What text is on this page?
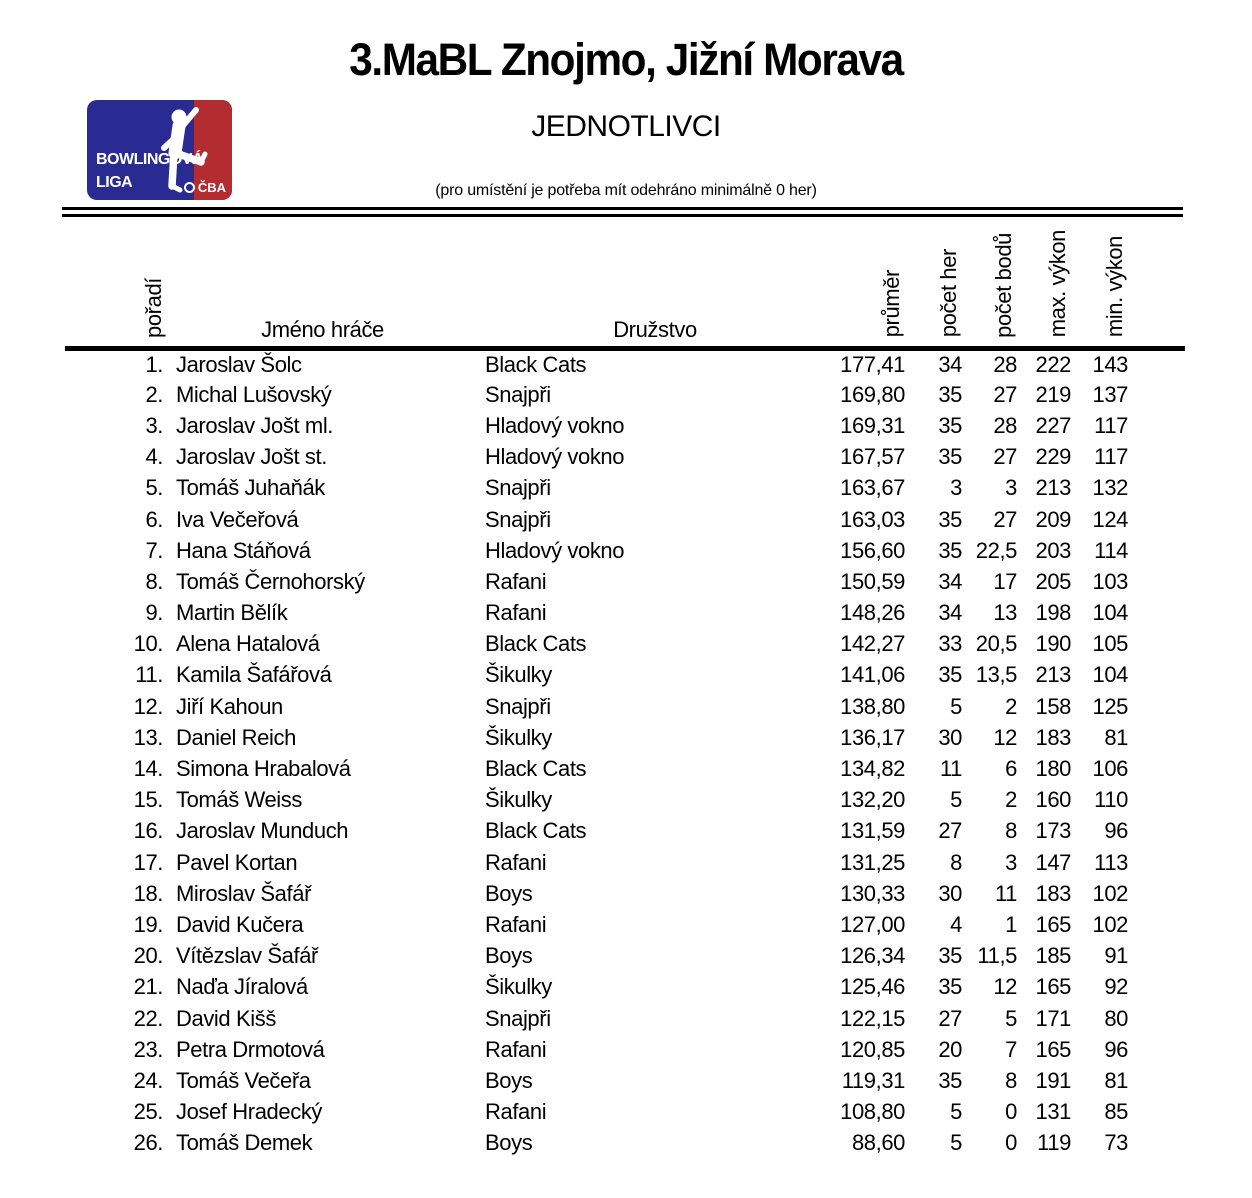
3.MaBL Znojmo, Jižní Morava
BOWLINGOVÁ
LIGA	ČBA
JEDNOTLIVCI
(pro umístění je potřeba mít odehráno minimálně 0 her)
pořadí	Jméno hráče	Družstvo	průměr	počet her	počet bodů	max. výkon	min. výkon	
1.	Jaroslav Šolc	Black Cats	177,41	34	28	222	143	
2.	Michal Lušovský	Snajpři	169,80	35	27	219	137	
3.	Jaroslav Jošt ml.	Hladový vokno	169,31	35	28	227	117	
4.	Jaroslav Jošt st.	Hladový vokno	167,57	35	27	229	117	
5.	Tomáš Juhaňák	Snajpři	163,67	3	3	213	132	
6.	Iva Večeřová	Snajpři	163,03	35	27	209	124	
7.	Hana Stáňová	Hladový vokno	156,60	35	22,5	203	114	
8.	Tomáš Černohorský	Rafani	150,59	34	17	205	103	
9.	Martin Bělík	Rafani	148,26	34	13	198	104	
10.	Alena Hatalová	Black Cats	142,27	33	20,5	190	105	
11.	Kamila Šafářová	Šikulky	141,06	35	13,5	213	104	
12.	Jiří Kahoun	Snajpři	138,80	5	2	158	125	
13.	Daniel Reich	Šikulky	136,17	30	12	183	81	
14.	Simona Hrabalová	Black Cats	134,82	11	6	180	106	
15.	Tomáš Weiss	Šikulky	132,20	5	2	160	110	
16.	Jaroslav Munduch	Black Cats	131,59	27	8	173	96	
17.	Pavel Kortan	Rafani	131,25	8	3	147	113	
18.	Miroslav Šafář	Boys	130,33	30	11	183	102	
19.	David Kučera	Rafani	127,00	4	1	165	102	
20.	Vítězslav Šafář	Boys	126,34	35	11,5	185	91	
21.	Naďa Jíralová	Šikulky	125,46	35	12	165	92	
22.	David Kišš	Snajpři	122,15	27	5	171	80	
23.	Petra Drmotová	Rafani	120,85	20	7	165	96	
24.	Tomáš Večeřa	Boys	119,31	35	8	191	81	
25.	Josef Hradecký	Rafani	108,80	5	0	131	85	
26.	Tomáš Demek	Boys	88,60	5	0	119	73	
